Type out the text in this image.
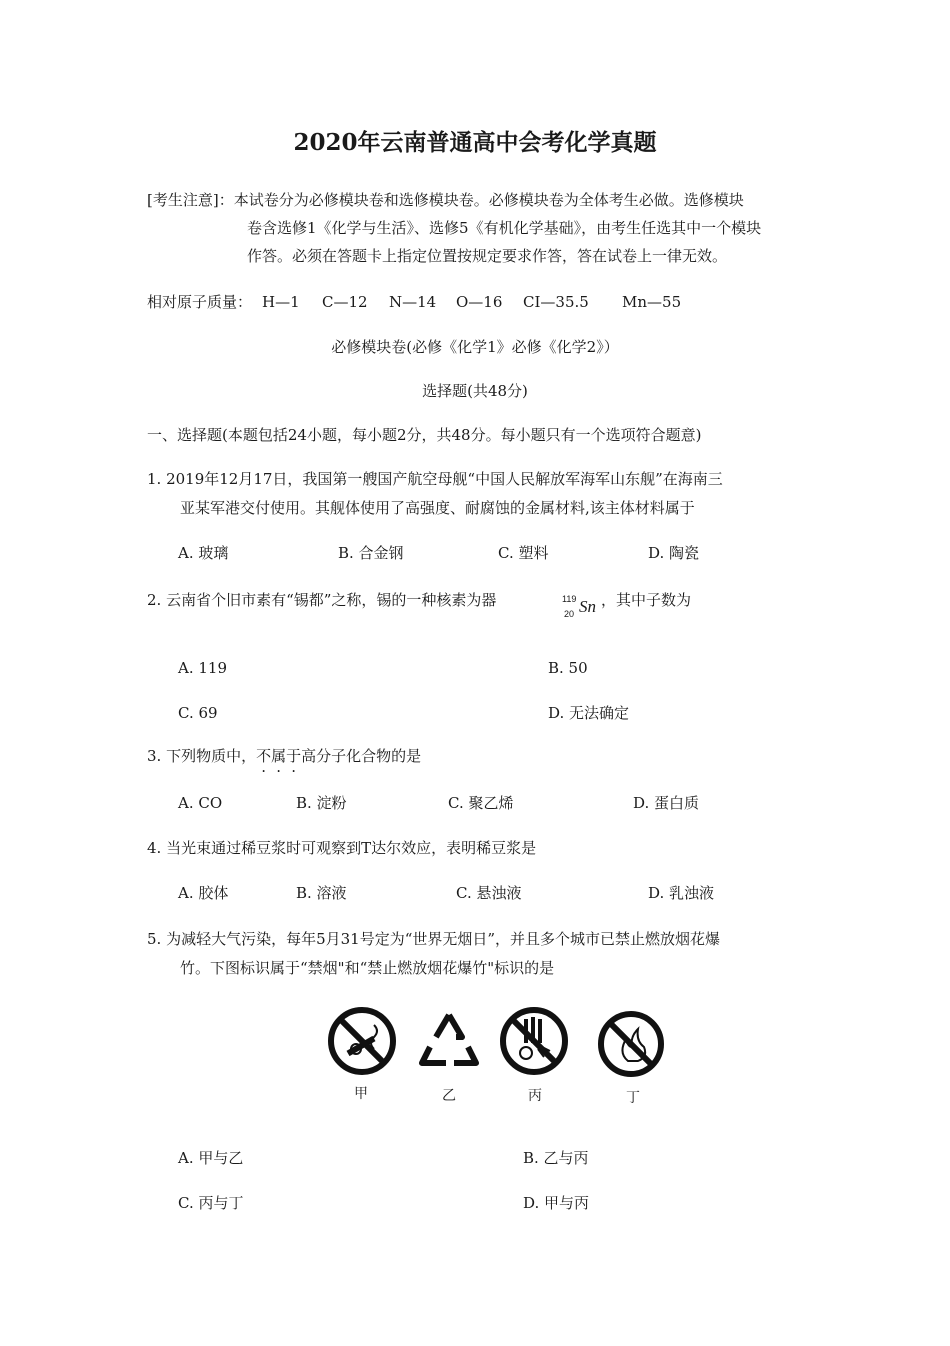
2020年云南普通高中会考化学真题
[考生注意]：本试卷分为必修模块卷和选修模块卷。必修模块卷为全体考生必做。选修模块
卷含选修1《化学与生活》、选修5《有机化学基础》，由考生任选其中一个模块
作答。必须在答题卡上指定位置按规定要求作答，答在试卷上一律无效。
相对原子质量： H—1 C—12 N—14 O—16 CI—35.5 Mn—55
必修模块卷(必修《化学1》必修《化学2》）
选择题(共48分)
一、选择题(本题包括24小题，每小题2分，共48分。每小题只有一个选项符合题意)
1. 2019年12月17日，我国第一艘国产航空母舰“中国人民解放军海军山东舰”在海南三
亚某军港交付使用。其舰体使用了高强度、耐腐蚀的金属材料,该主体材料属于
A. 玻璃	B. 合金钢	C. 塑料	D. 陶瓷
2. 云南省个旧市素有“锡都”之称，锡的一种核素为器	119
20 Sn ，其中子数为
A. 119	B. 50
C. 69	D. 无法确定
3. 下列物质中，不属于高分子化合物的是
A. CO	B. 淀粉	C. 聚乙烯	D. 蛋白质
4. 当光束通过稀豆浆时可观察到T达尔效应，表明稀豆浆是
A. 胶体	B. 溶液	C. 悬浊液	D. 乳浊液
5. 为减轻大气污染，每年5月31号定为“世界无烟日”，并且多个城市已禁止燃放烟花爆
竹。下图标识属于“禁烟"和“禁止燃放烟花爆竹"标识的是
甲	乙	丙	丁
A. 甲与乙	B. 乙与丙
C. 丙与丁	D. 甲与丙
